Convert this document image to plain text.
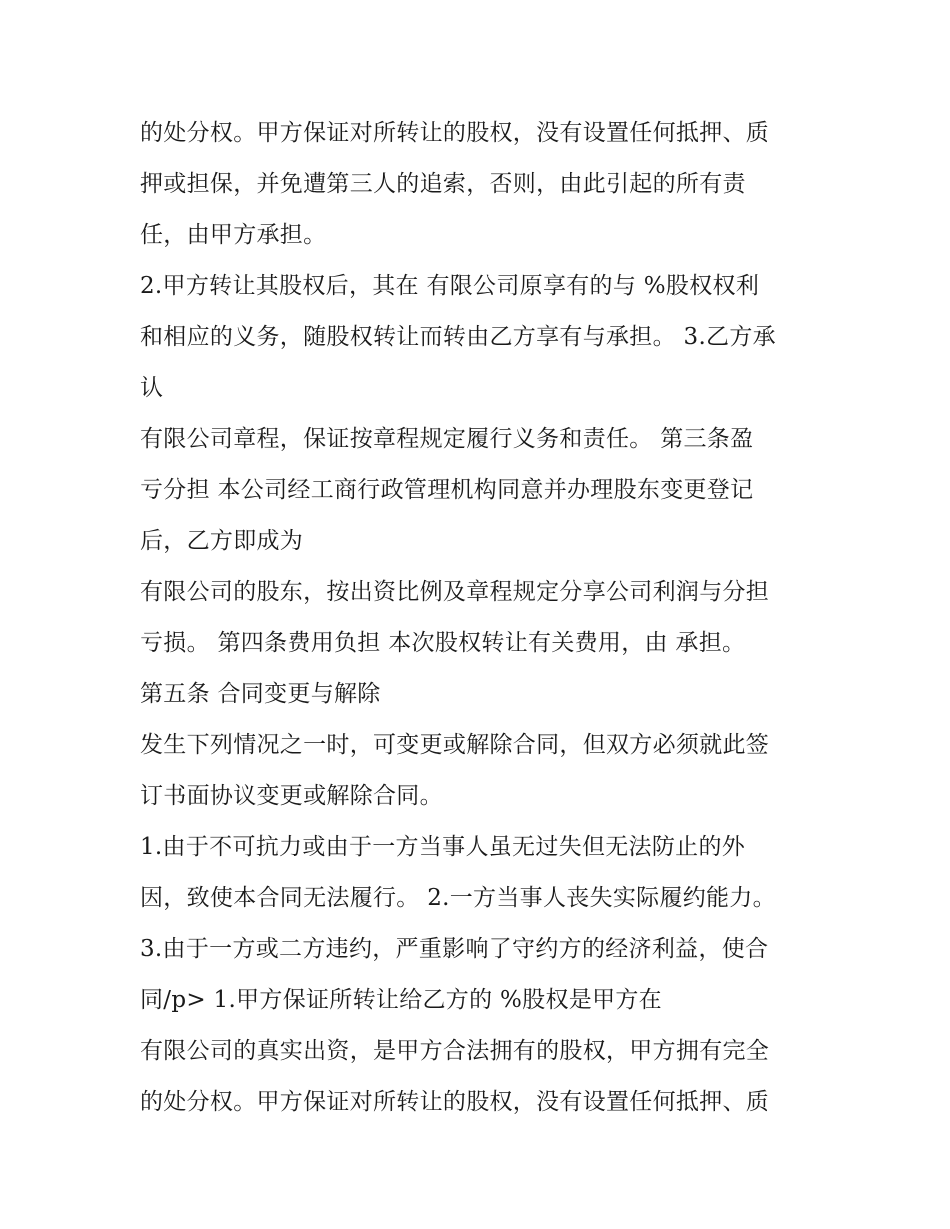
的处分权。甲方保证对所转让的股权，没有设置任何抵押、质
押或担保，并免遭第三人的追索，否则，由此引起的所有责
任，由甲方承担。
2.甲方转让其股权后，其在 有限公司原享有的与 %股权权利
和相应的义务，随股权转让而转由乙方享有与承担。 3.乙方承
认
有限公司章程，保证按章程规定履行义务和责任。 第三条盈
亏分担 本公司经工商行政管理机构同意并办理股东变更登记
后，乙方即成为
有限公司的股东，按出资比例及章程规定分享公司利润与分担
亏损。 第四条费用负担 本次股权转让有关费用，由 承担。
第五条 合同变更与解除
发生下列情况之一时，可变更或解除合同，但双方必须就此签
订书面协议变更或解除合同。
1.由于不可抗力或由于一方当事人虽无过失但无法防止的外
因，致使本合同无法履行。 2.一方当事人丧失实际履约能力。
3.由于一方或二方违约，严重影响了守约方的经济利益，使合
同/p> 1.甲方保证所转让给乙方的 %股权是甲方在
有限公司的真实出资，是甲方合法拥有的股权，甲方拥有完全
的处分权。甲方保证对所转让的股权，没有设置任何抵押、质
